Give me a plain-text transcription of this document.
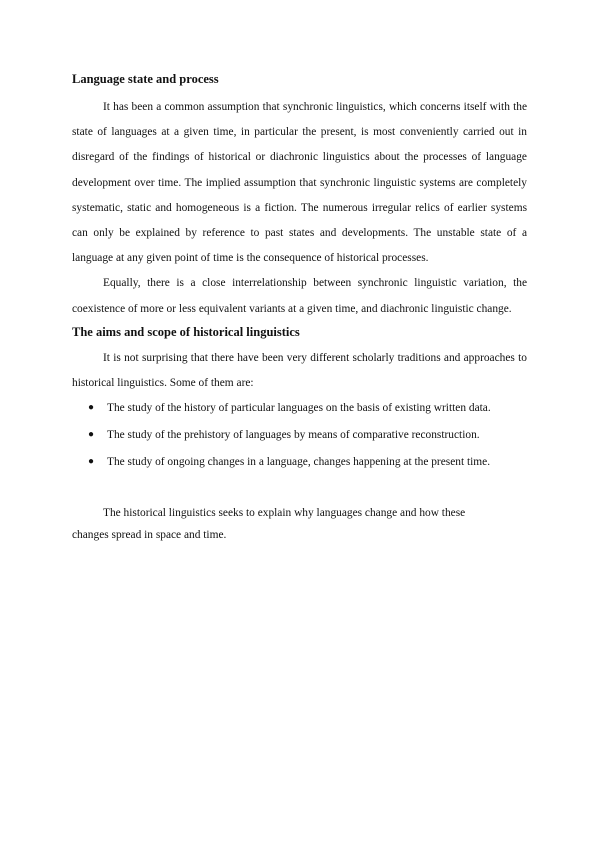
Language state and process

It has been a common assumption that synchronic linguistics, which concerns itself with the state of languages at a given time, in particular the present, is most conveniently carried out in disregard of the findings of historical or diachronic linguistics about the processes of language development over time. The implied assumption that synchronic linguistic systems are completely systematic, static and homogeneous is a fiction. The numerous irregular relics of earlier systems can only be explained by reference to past states and developments. The unstable state of a language at any given point of time is the consequence of historical processes.

Equally, there is a close interrelationship between synchronic linguistic variation, the coexistence of more or less equivalent variants at a given time, and diachronic linguistic change.

The aims and scope of historical linguistics

It is not surprising that there have been very different scholarly traditions and approaches to historical linguistics. Some of them are:

● The study of the history of particular languages on the basis of existing written data.
● The study of the prehistory of languages by means of comparative reconstruction.
● The study of ongoing changes in a language, changes happening at the present time.

The historical linguistics seeks to explain why languages change and how these
changes spread in space and time.
